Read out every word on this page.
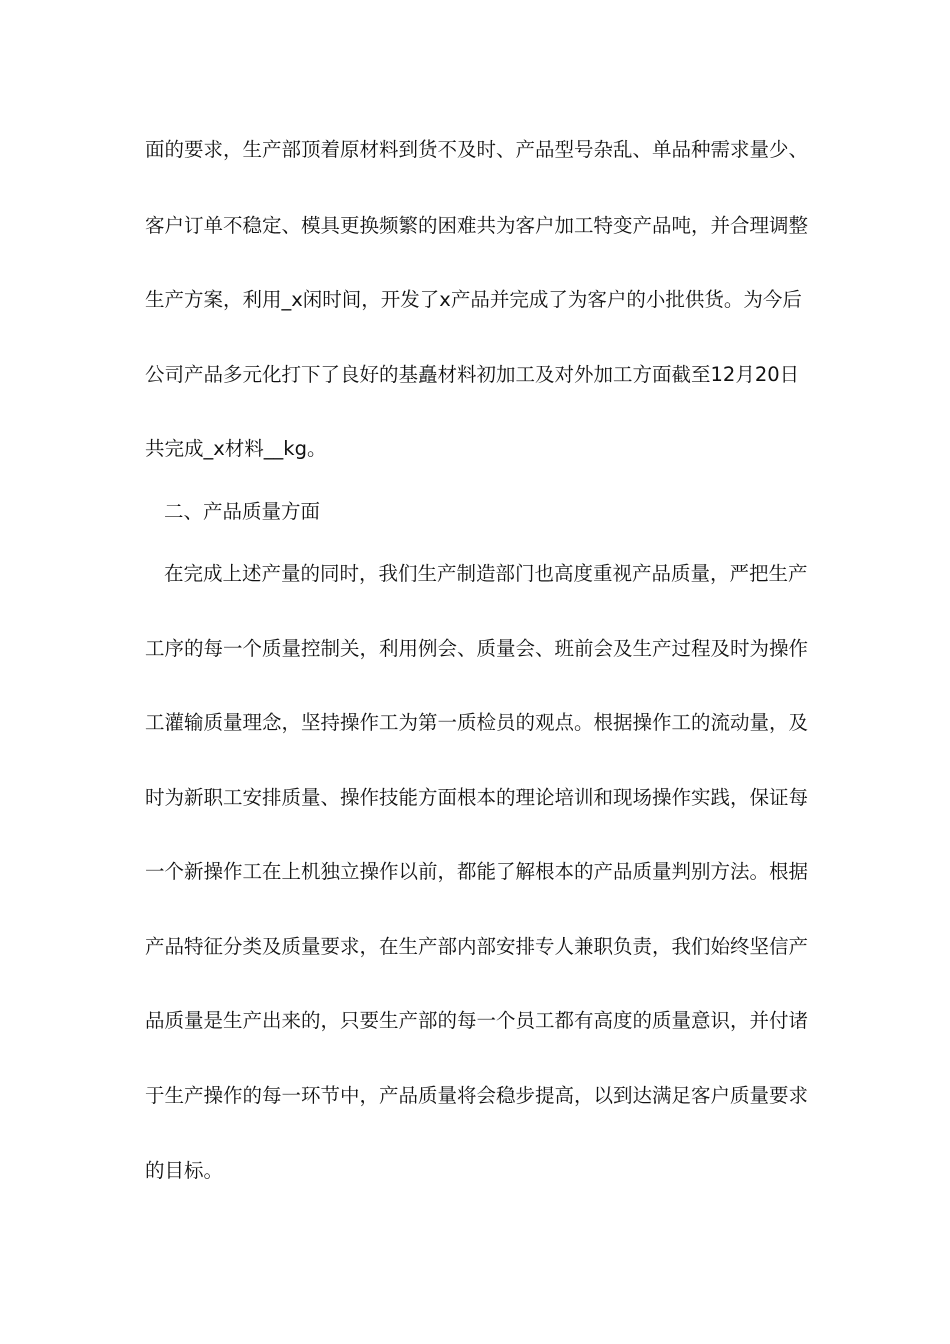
面的要求，生产部顶着原材料到货不及时、产品型号杂乱、单品种需求量少、
客户订单不稳定、模具更换频繁的困难共为客户加工特变产品吨，并合理调整
生产方案，利用_x闲时间，开发了x产品并完成了为客户的小批供货。为今后
公司产品多元化打下了良好的基矗材料初加工及对外加工方面截至12月20日
共完成_x材料__kg。
二、产品质量方面
在完成上述产量的同时，我们生产制造部门也高度重视产品质量，严把生产
工序的每一个质量控制关，利用例会、质量会、班前会及生产过程及时为操作
工灌输质量理念，坚持操作工为第一质检员的观点。根据操作工的流动量，及
时为新职工安排质量、操作技能方面根本的理论培训和现场操作实践，保证每
一个新操作工在上机独立操作以前，都能了解根本的产品质量判别方法。根据
产品特征分类及质量要求，在生产部内部安排专人兼职负责，我们始终坚信产
品质量是生产出来的，只要生产部的每一个员工都有高度的质量意识，并付诸
于生产操作的每一环节中，产品质量将会稳步提高，以到达满足客户质量要求
的目标。
